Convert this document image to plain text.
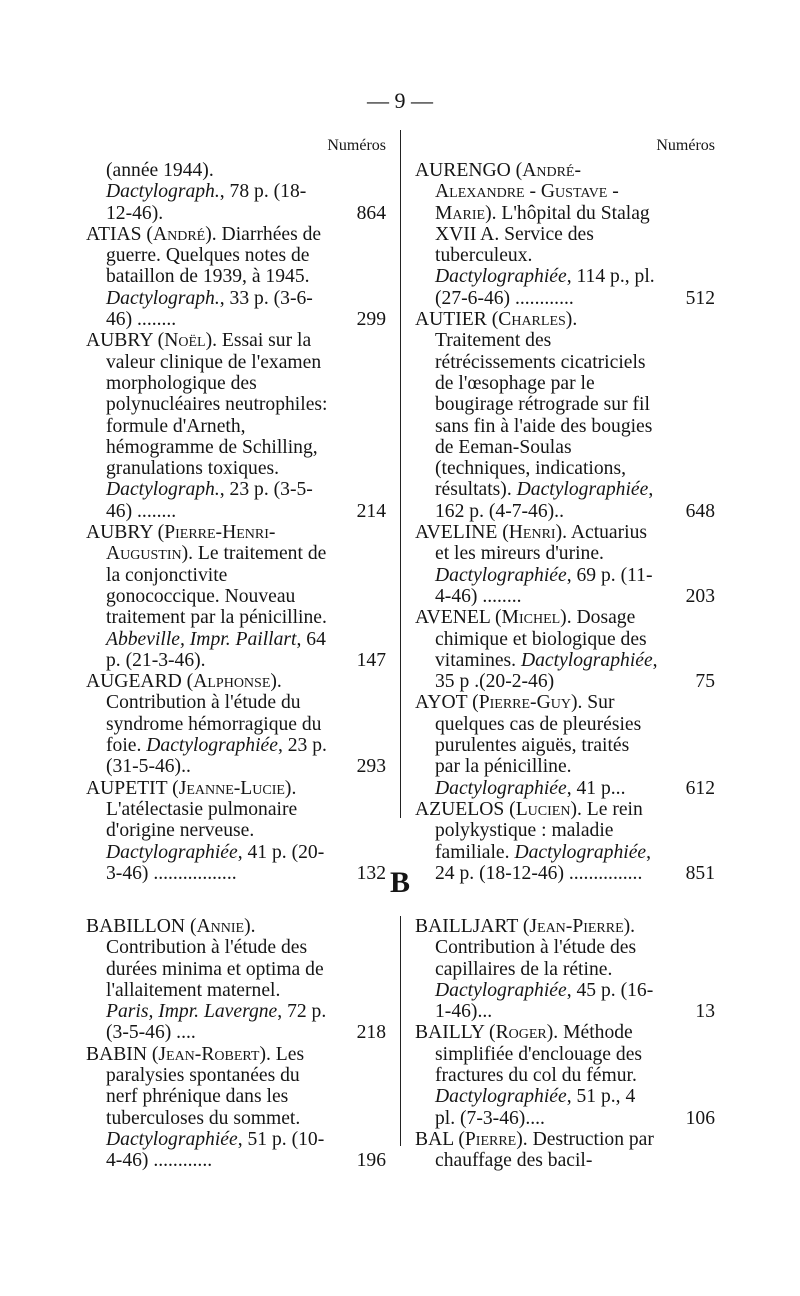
— 9 —
Numéros
(année 1944). Dactylograph., 78 p. (18-12-46).	864
ATIAS (André). Diarrhées de guerre. Quelques notes de bataillon de 1939, à 1945. Dactylograph., 33 p. (3-6-46) ........	299
AUBRY (Noël). Essai sur la valeur clinique de l'examen morphologique des polynucléaires neutrophiles: formule d'Arneth, hémogramme de Schilling, granulations toxiques. Dactylograph., 23 p. (3-5-46) ........	214
AUBRY (Pierre-Henri-Augustin). Le traitement de la conjonctivite gonococcique. Nouveau traitement par la pénicilline. Abbeville, Impr. Paillart, 64 p. (21-3-46).	147
AUGEARD (Alphonse). Contribution à l'étude du syndrome hémorragique du foie. Dactylographiée, 23 p. (31-5-46)..	293
AUPETIT (Jeanne-Lucie). L'atélectasie pulmonaire d'origine nerveuse. Dactylographiée, 41 p. (20-3-46) .................	132
Numéros
AURENGO (André-Alexandre - Gustave - Marie). L'hôpital du Stalag XVII A. Service des tuberculeux. Dactylographiée, 114 p., pl. (27-6-46) ............	512
AUTIER (Charles). Traitement des rétrécissements cicatriciels de l'œsophage par le bougirage rétrograde sur fil sans fin à l'aide des bougies de Eeman-Soulas (techniques, indications, résultats). Dactylographiée, 162 p. (4-7-46)..	648
AVELINE (Henri). Actuarius et les mireurs d'urine. Dactylographiée, 69 p. (11-4-46) ........	203
AVENEL (Michel). Dosage chimique et biologique des vitamines. Dactylographiée, 35 p .(20-2-46)	75
AYOT (Pierre-Guy). Sur quelques cas de pleurésies purulentes aiguës, traités par la pénicilline. Dactylographiée, 41 p...	612
AZUELOS (Lucien). Le rein polykystique : maladie familiale. Dactylographiée, 24 p. (18-12-46) ............... 851
B
BABILLON (Annie). Contribution à l'étude des durées minima et optima de l'allaitement maternel. Paris, Impr. Lavergne, 72 p. (3-5-46) ....	218
BABIN (Jean-Robert). Les paralysies spontanées du nerf phrénique dans les tuberculoses du sommet. Dactylographiée, 51 p. (10-4-46) ............	196
BAILLJART (Jean-Pierre). Contribution à l'étude des capillaires de la rétine. Dactylographiée, 45 p. (16-1-46)...	13
BAILLY (Roger). Méthode simplifiée d'enclouage des fractures du col du fémur. Dactylographiée, 51 p., 4 pl. (7-3-46)....	106
BAL (Pierre). Destruction par chauffage des bacil-
